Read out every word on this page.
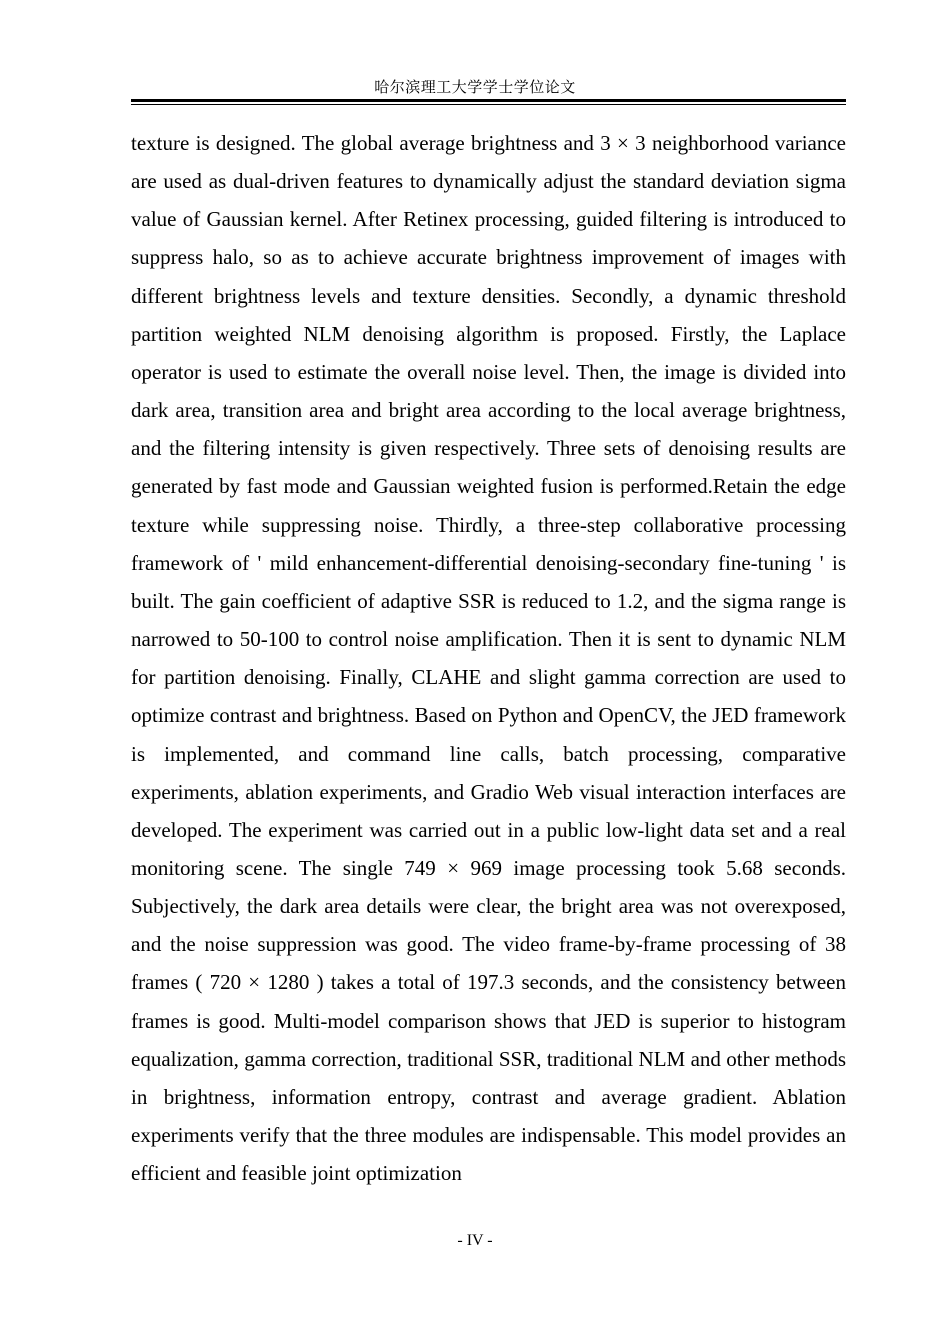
哈尔滨理工大学学士学位论文

texture is designed. The global average brightness and 3 × 3 neighborhood variance are used as dual-driven features to dynamically adjust the standard deviation sigma value of Gaussian kernel. After Retinex processing, guided filtering is introduced to suppress halo, so as to achieve accurate brightness improvement of images with different brightness levels and texture densities. Secondly, a dynamic threshold partition weighted NLM denoising algorithm is proposed. Firstly, the Laplace operator is used to estimate the overall noise level. Then, the image is divided into dark area, transition area and bright area according to the local average brightness, and the filtering intensity is given respectively. Three sets of denoising results are generated by fast mode and Gaussian weighted fusion is performed.Retain the edge texture while suppressing noise. Thirdly, a three-step collaborative processing framework of ' mild enhancement-differential denoising-secondary fine-tuning ' is built. The gain coefficient of adaptive SSR is reduced to 1.2, and the sigma range is narrowed to 50-100 to control noise amplification. Then it is sent to dynamic NLM for partition denoising. Finally, CLAHE and slight gamma correction are used to optimize contrast and brightness. Based on Python and OpenCV, the JED framework is implemented, and command line calls, batch processing, comparative experiments, ablation experiments, and Gradio Web visual interaction interfaces are developed. The experiment was carried out in a public low-light data set and a real monitoring scene. The single 749 × 969 image processing took 5.68 seconds. Subjectively, the dark area details were clear, the bright area was not overexposed, and the noise suppression was good. The video frame-by-frame processing of 38 frames ( 720 × 1280 ) takes a total of 197.3 seconds, and the consistency between frames is good. Multi-model comparison shows that JED is superior to histogram equalization, gamma correction, traditional SSR, traditional NLM and other methods in brightness, information entropy, contrast and average gradient. Ablation experiments verify that the three modules are indispensable. This model provides an efficient and feasible joint optimization

- IV -
